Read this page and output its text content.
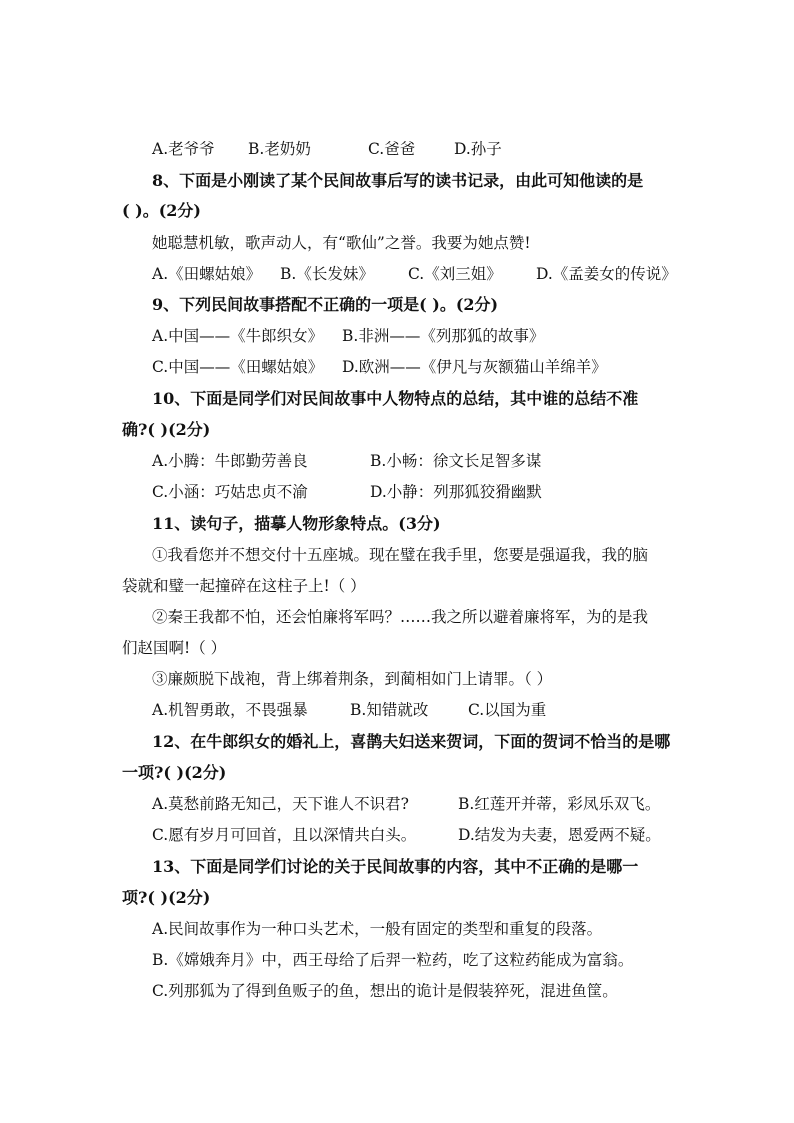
A.老爷爷 B.老奶奶	C.爸爸	D.孙子
8、下面是小刚读了某个民间故事后写的读书记录，由此可知他读的是
( )。(2分)
她聪慧机敏，歌声动人，有“歌仙”之誉。我要为她点赞!
A.《田螺姑娘》 B.《长发妹》 C.《刘三姐》 D.《孟姜女的传说》
9、下列民间故事搭配不正确的一项是( )。(2分)
A.中国——《牛郎织女》 B.非洲——《列那狐的故事》
C.中国——《田螺姑娘》 D.欧洲——《伊凡与灰额猫山羊绵羊》
10、下面是同学们对民间故事中人物特点的总结，其中谁的总结不准
确?( )(2分)
A.小腾：牛郎勤劳善良	B.小畅：徐文长足智多谋
C.小涵：巧姑忠贞不渝	D.小静：列那狐狡猾幽默
11、读句子，描摹人物形象特点。(3分)
①我看您并不想交付十五座城。现在璧在我手里，您要是强逼我，我的脑
袋就和璧一起撞碎在这柱子上!（ ）
②秦王我都不怕，还会怕廉将军吗？……我之所以避着廉将军，为的是我
们赵国啊!（ ）
③廉颇脱下战袍，背上绑着荆条，到蔺相如门上请罪。（ ）
A.机智勇敢，不畏强暴	B.知错就改	C.以国为重
12、在牛郎织女的婚礼上，喜鹊夫妇送来贺词，下面的贺词不恰当的是哪
一项?( )(2分)
A.莫愁前路无知己，天下谁人不识君?	B.红莲开并蒂，彩凤乐双飞。
C.愿有岁月可回首，且以深情共白头。	D.结发为夫妻，恩爱两不疑。
13、下面是同学们讨论的关于民间故事的内容，其中不正确的是哪一
项?( )(2分)
A.民间故事作为一种口头艺术，一般有固定的类型和重复的段落。
B.《嫦娥奔月》中，西王母给了后羿一粒药，吃了这粒药能成为富翁。
C.列那狐为了得到鱼贩子的鱼，想出的诡计是假装猝死，混进鱼筐。
